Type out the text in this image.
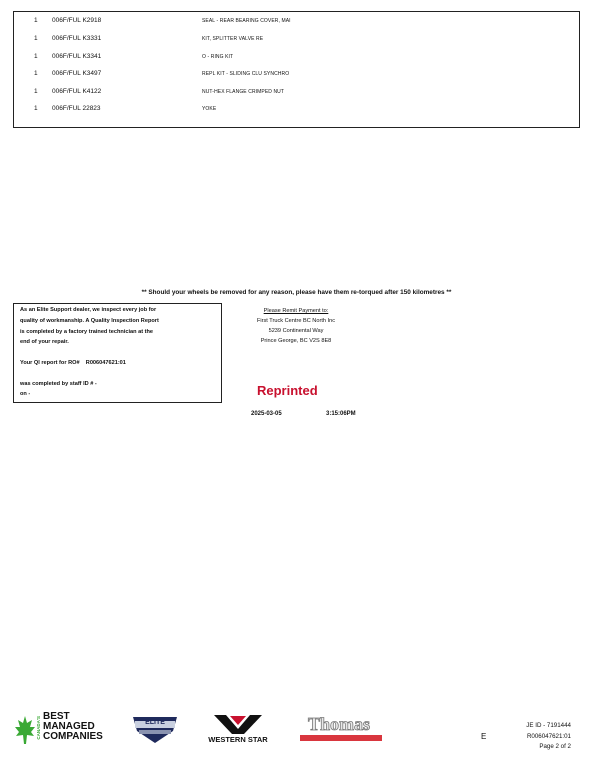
1 006F/FUL K2918	SEAL - REAR BEARING COVER, MAI
1 006F/FUL K3331	KIT, SPLITTER VALVE RE
1 006F/FUL K3341	O - RING KIT
1 006F/FUL K3497	REPL KIT - SLIDING CLU SYNCHRO
1 006F/FUL K4122	NUT-HEX FLANGE CRIMPED NUT
1 006F/FUL 22823	YOKE
** Should your wheels be removed for any reason, please have them re-torqued after 150 kilometres **
As an Elite Support dealer, we inspect every job for
quality of workmanship. A Quality Inspection Report
is completed by a factory trained technician at the
end of your repair.
Your QI report for RO#    R006047621:01
was completed by staff ID # -
on -
Please Remit Payment to:
First Truck Centre BC North Inc
5239 Continental Way
Prince George, BC V2S 8E8
Reprinted
2025-03-05	3:15:06PM
CANADA'S BEST
MANAGED
COMPANIES
ELITE
WESTERN STAR
Thomas
E
JE ID - 7191444
R006047621:01
Page 2 of 2
